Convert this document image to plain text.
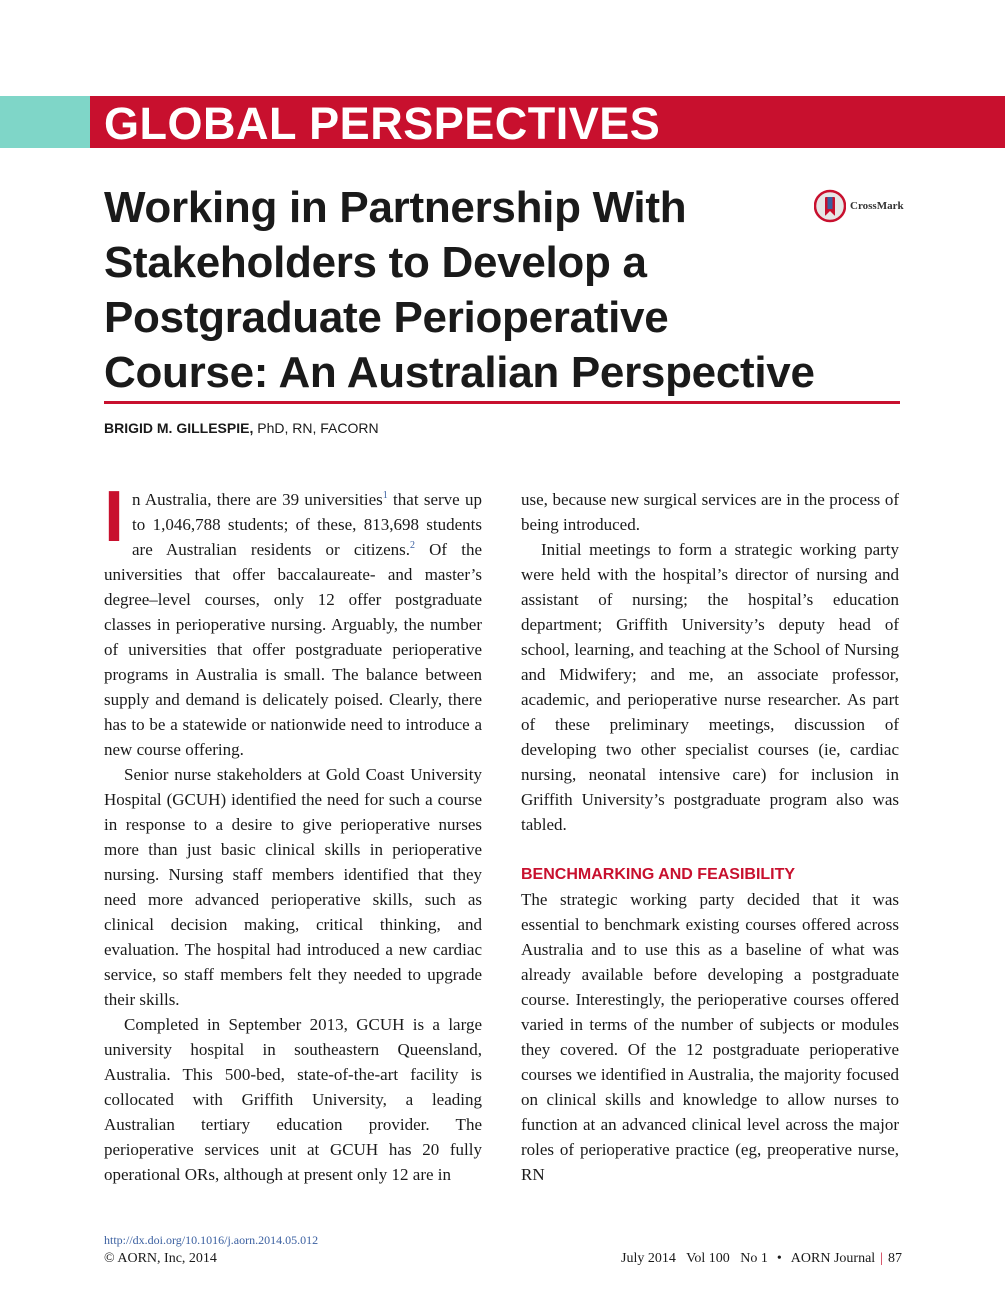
GLOBAL PERSPECTIVES
Working in Partnership With
Stakeholders to Develop a
Postgraduate Perioperative
Course: An Australian Perspective
CrossMark

BRIGID M. GILLESPIE, PhD, RN, FACORN

In Australia, there are 39 universities$^1$ that serve up to 1,046,788 students; of these, 813,698 students are Australian residents or citizens.$^2$ Of the universities that offer baccalaureate- and master’s degree–level courses, only 12 offer postgraduate classes in perioperative nursing. Arguably, the number of universities that offer postgraduate perioperative programs in Australia is small. The balance between supply and demand is delicately poised. Clearly, there has to be a statewide or nationwide need to introduce a new course offering.

Senior nurse stakeholders at Gold Coast University Hospital (GCUH) identified the need for such a course in response to a desire to give perioperative nurses more than just basic clinical skills in perioperative nursing. Nursing staff members identified that they need more advanced perioperative skills, such as clinical decision making, critical thinking, and evaluation. The hospital had introduced a new cardiac service, so staff members felt they needed to upgrade their skills.

Completed in September 2013, GCUH is a large university hospital in southeastern Queensland, Australia. This 500-bed, state-of-the-art facility is collocated with Griffith University, a leading Australian tertiary education provider. The perioperative services unit at GCUH has 20 fully operational ORs, although at present only 12 are in

use, because new surgical services are in the process of being introduced.

Initial meetings to form a strategic working party were held with the hospital’s director of nursing and assistant of nursing; the hospital’s education department; Griffith University’s deputy head of school, learning, and teaching at the School of Nursing and Midwifery; and me, an associate professor, academic, and perioperative nurse researcher. As part of these preliminary meetings, discussion of developing two other specialist courses (ie, cardiac nursing, neonatal intensive care) for inclusion in Griffith University’s postgraduate program also was tabled.

BENCHMARKING AND FEASIBILITY

The strategic working party decided that it was essential to benchmark existing courses offered across Australia and to use this as a baseline of what was already available before developing a postgraduate course. Interestingly, the perioperative courses offered varied in terms of the number of subjects or modules they covered. Of the 12 postgraduate perioperative courses we identified in Australia, the majority focused on clinical skills and knowledge to allow nurses to function at an advanced clinical level across the major roles of perioperative practice (eg, preoperative nurse, RN

http://dx.doi.org/10.1016/j.aorn.2014.05.012
© AORN, Inc, 2014	July 2014   Vol 100   No 1 • AORN Journal | 87
